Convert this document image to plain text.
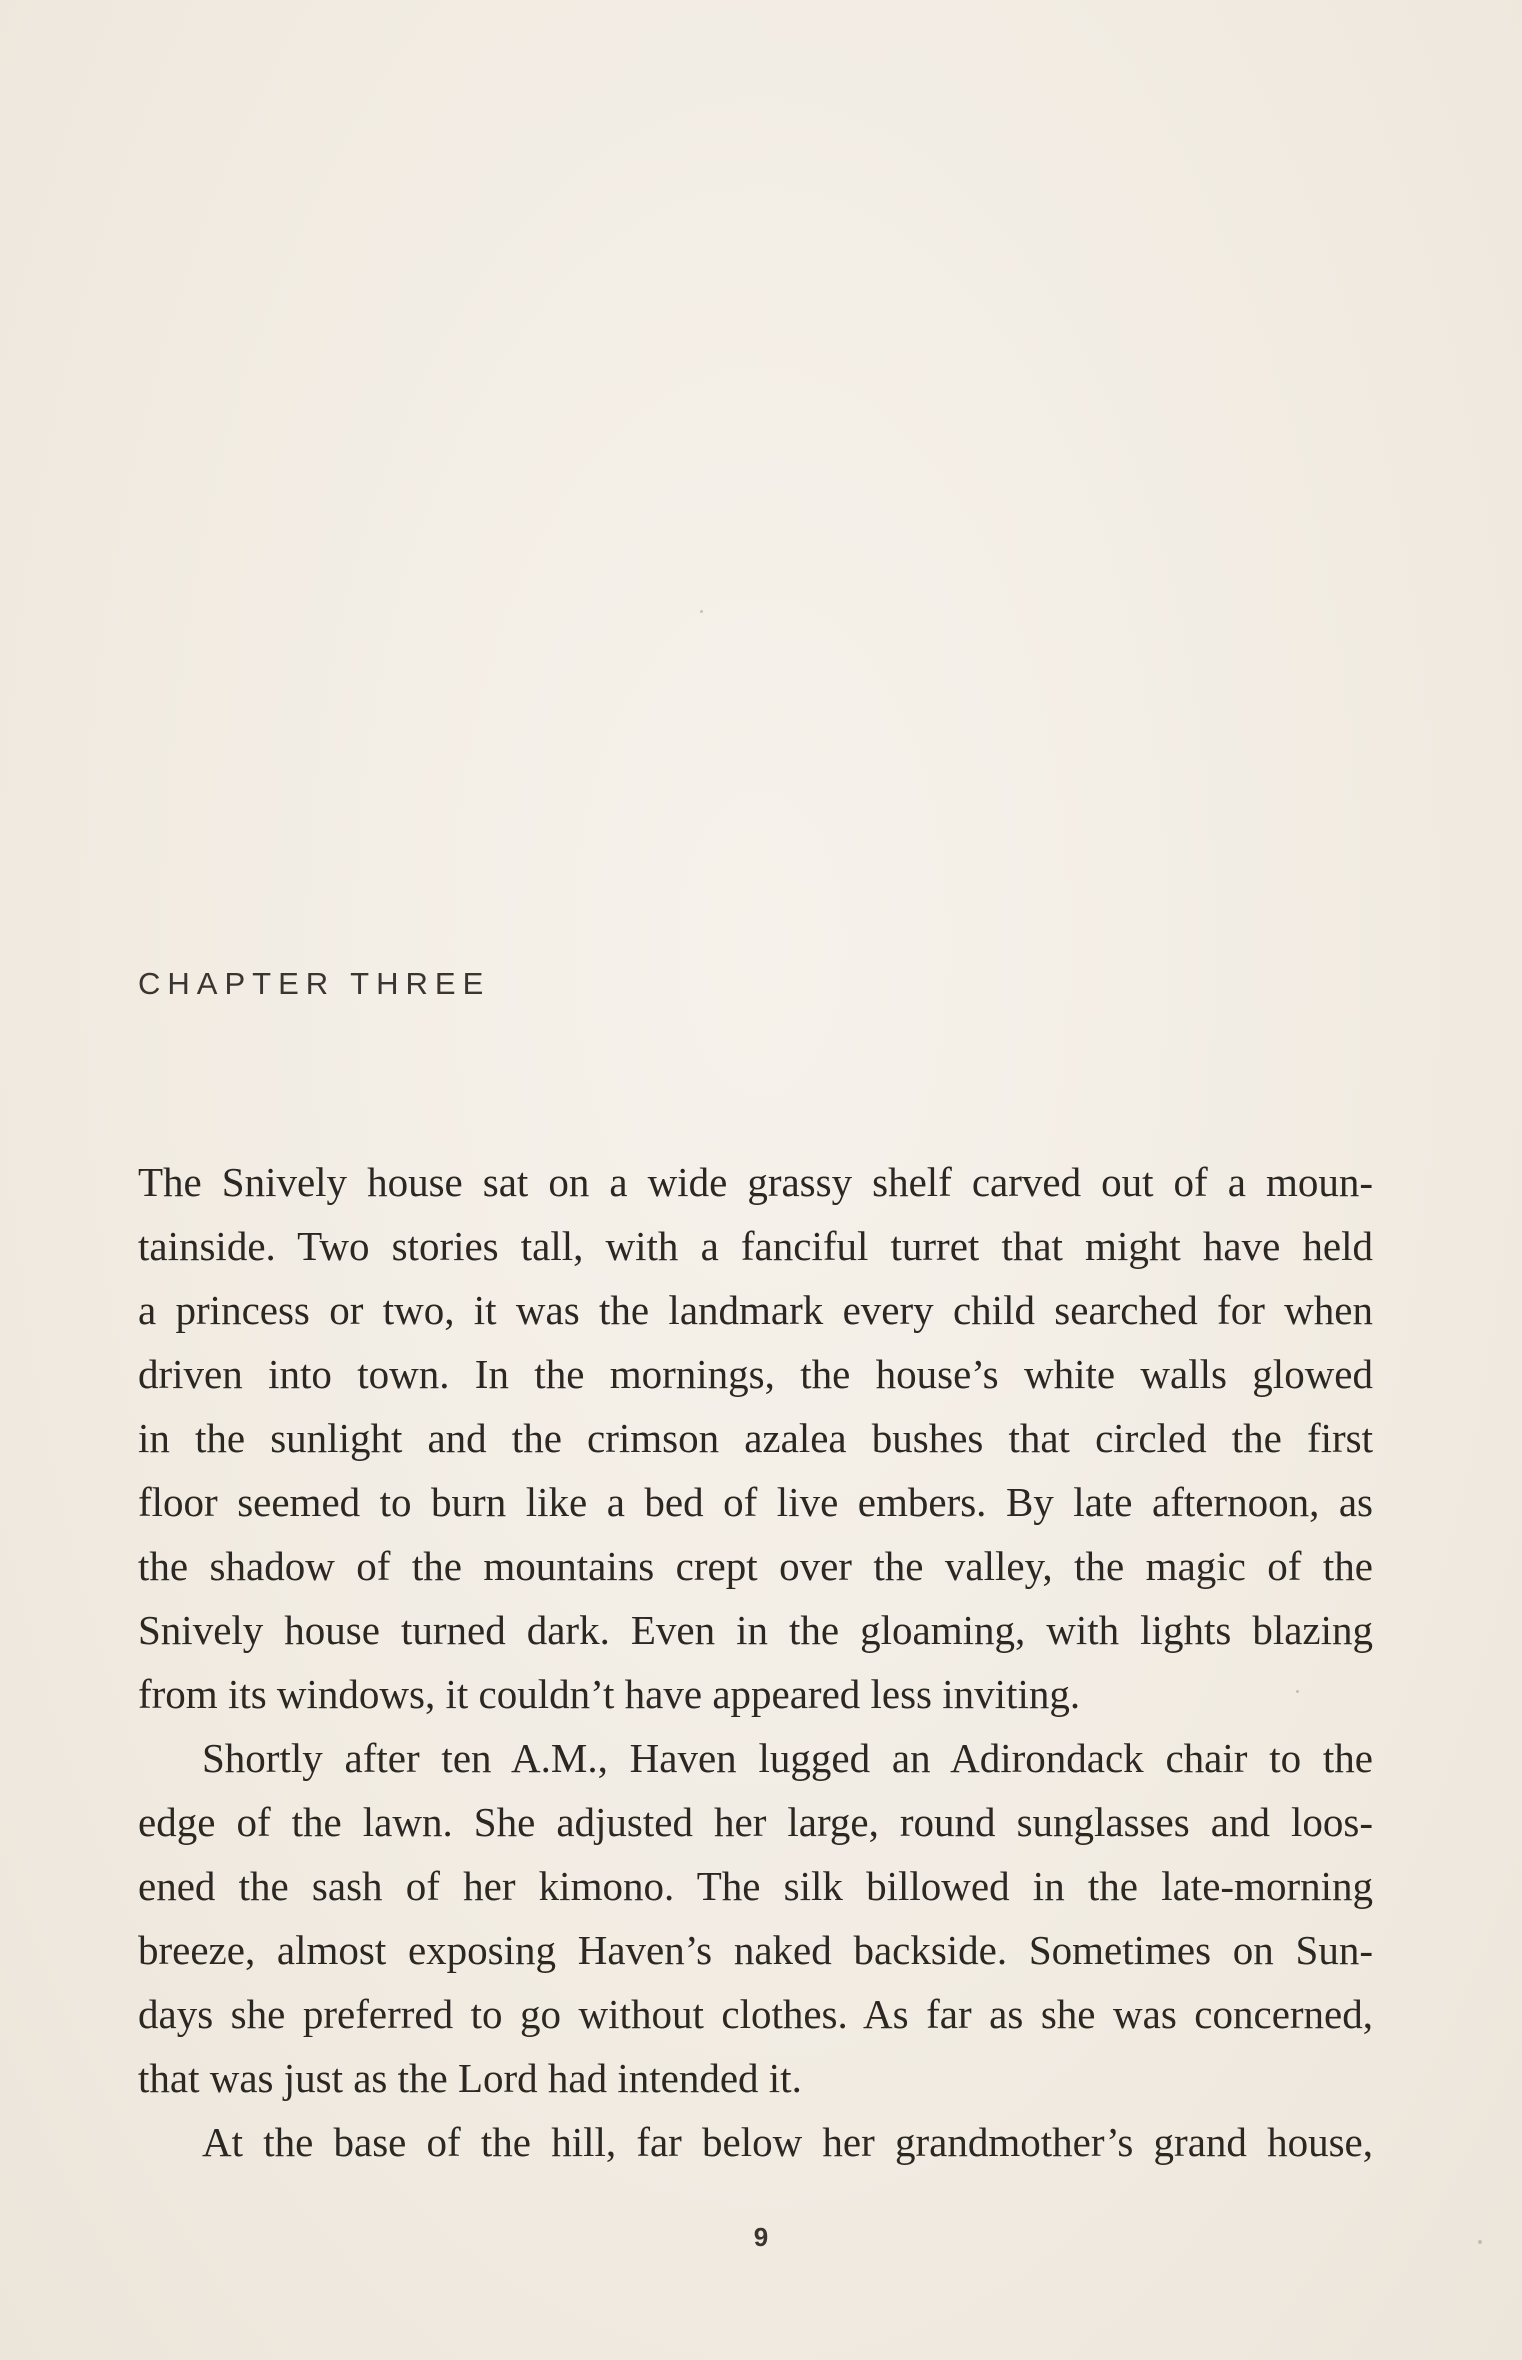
CHAPTER THREE
The Snively house sat on a wide grassy shelf carved out of a moun-
tainside. Two stories tall, with a fanciful turret that might have held
a princess or two, it was the landmark every child searched for when
driven into town. In the mornings, the house’s white walls glowed
in the sunlight and the crimson azalea bushes that circled the first
floor seemed to burn like a bed of live embers. By late afternoon, as
the shadow of the mountains crept over the valley, the magic of the
Snively house turned dark. Even in the gloaming, with lights blazing
from its windows, it couldn’t have appeared less inviting.
Shortly after ten A.M., Haven lugged an Adirondack chair to the
edge of the lawn. She adjusted her large, round sunglasses and loos-
ened the sash of her kimono. The silk billowed in the late-morning
breeze, almost exposing Haven’s naked backside. Sometimes on Sun-
days she preferred to go without clothes. As far as she was concerned,
that was just as the Lord had intended it.
At the base of the hill, far below her grandmother’s grand house,
9
